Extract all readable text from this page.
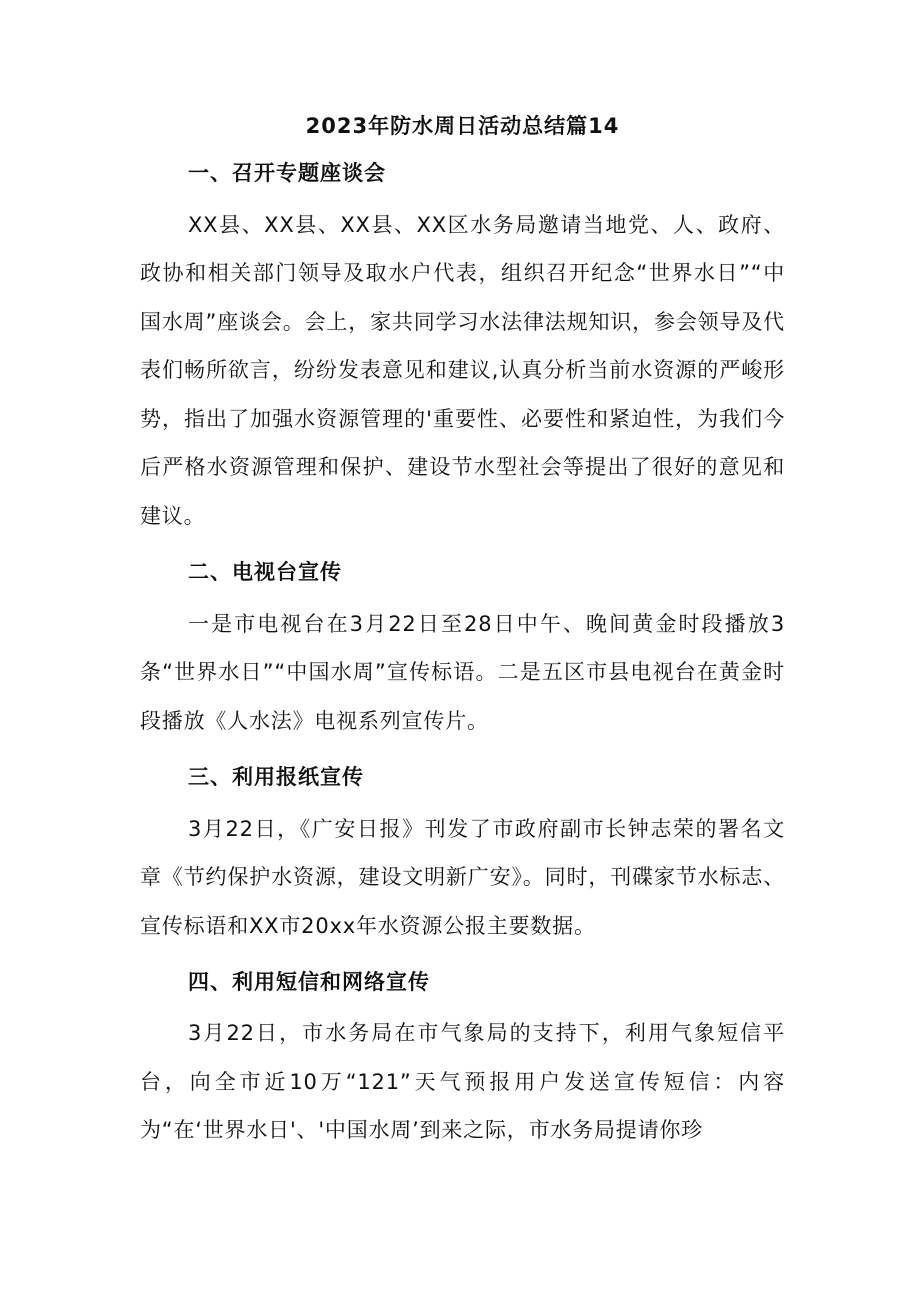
2023年防水周日活动总结篇14
一、召开专题座谈会

XX县、XX县、XX县、XX区水务局邀请当地党、人、政府、政协和相关部门领导及取水户代表，组织召开纪念“世界水日”“中国水周”座谈会。会上，家共同学习水法律法规知识，参会领导及代表们畅所欲言，纷纷发表意见和建议,认真分析当前水资源的严峻形势，指出了加强水资源管理的'重要性、必要性和紧迫性，为我们今后严格水资源管理和保护、建设节水型社会等提出了很好的意见和建议。

二、电视台宣传

一是市电视台在3月22日至28日中午、晚间黄金时段播放3条“世界水日”“中国水周”宣传标语。二是五区市县电视台在黄金时段播放《人水法》电视系列宣传片。

三、利用报纸宣传

3月22日，《广安日报》刊发了市政府副市长钟志荣的署名文章《节约保护水资源，建设文明新广安》。同时，刊碟家节水标志、宣传标语和XX市20xx年水资源公报主要数据。

四、利用短信和网络宣传

3月22日，市水务局在市气象局的支持下，利用气象短信平台，向全市近10万“121”天气预报用户发送宣传短信：内容为“在‘世界水日'、'中国水周’到来之际，市水务局提请你珍
